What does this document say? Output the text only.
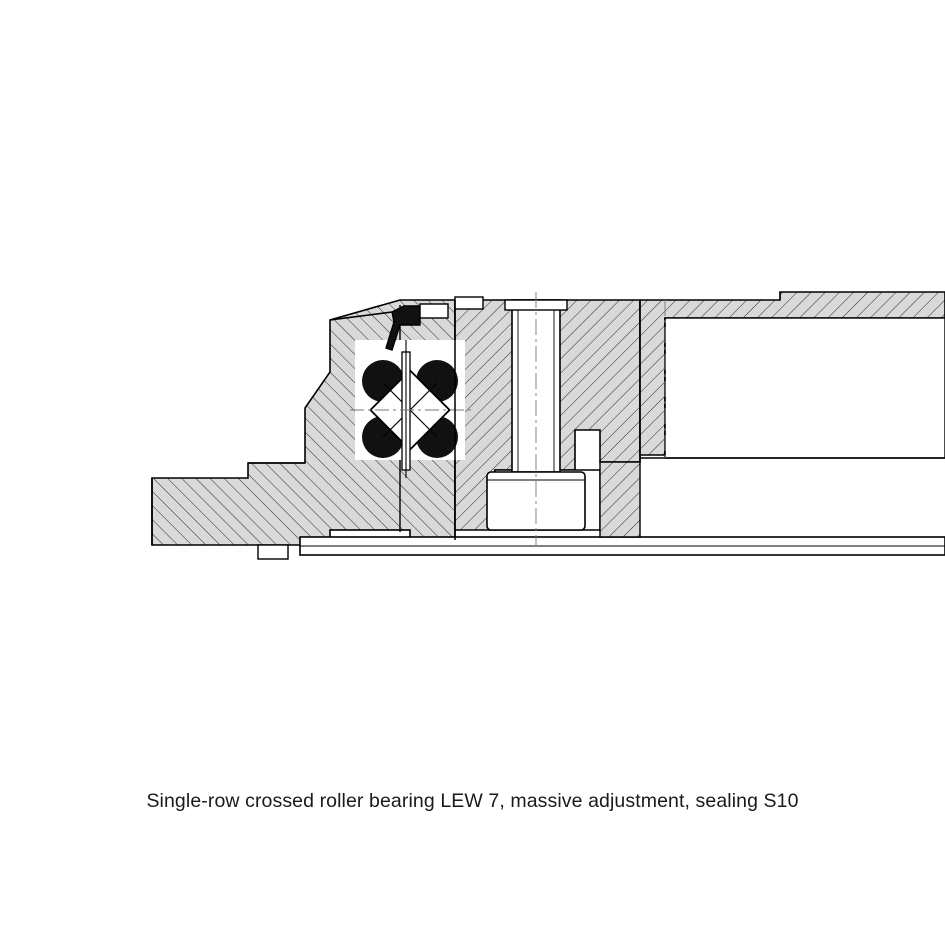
Single-row crossed roller bearing LEW 7, massive adjustment, sealing S10
